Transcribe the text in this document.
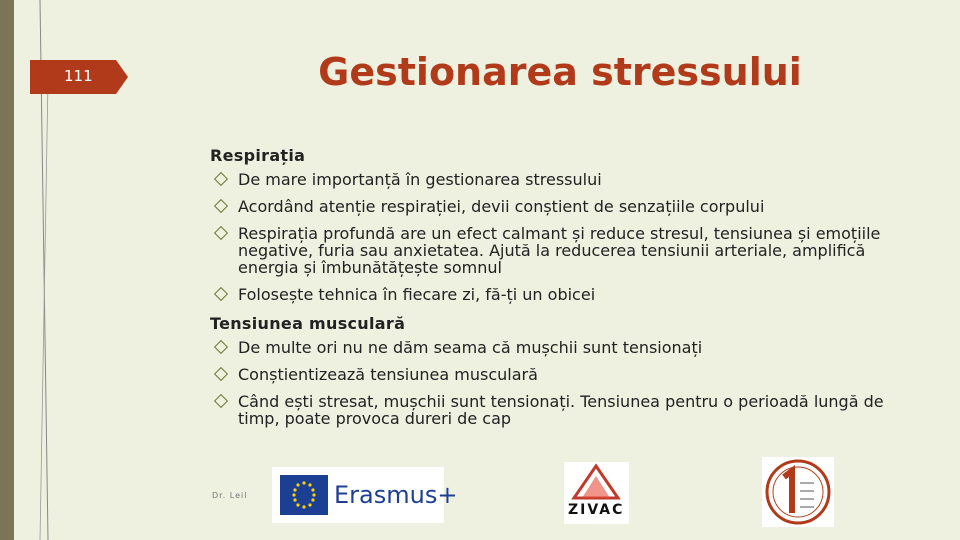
111	Gestionarea stressului
Respirația
De mare importanță în gestionarea stressului
Acordând atenție respirației, devii conștient de senzațiile corpului
Respirația profundă are un efect calmant și reduce stresul, tensiunea și emoțiile negative, furia sau anxietatea. Ajută la reducerea tensiunii arteriale, amplifică energia și îmbunătățește somnul
Folosește tehnica în fiecare zi, fă-ți un obicei
Tensiunea musculară
De multe ori nu ne dăm seama că mușchii sunt tensionați
Conștientizează tensiunea musculară
Când ești stresat, mușchii sunt tensionați. Tensiunea pentru o perioadă lungă de timp, poate provoca dureri de cap
Dr. Leil	Erasmus+
ZIVAC
